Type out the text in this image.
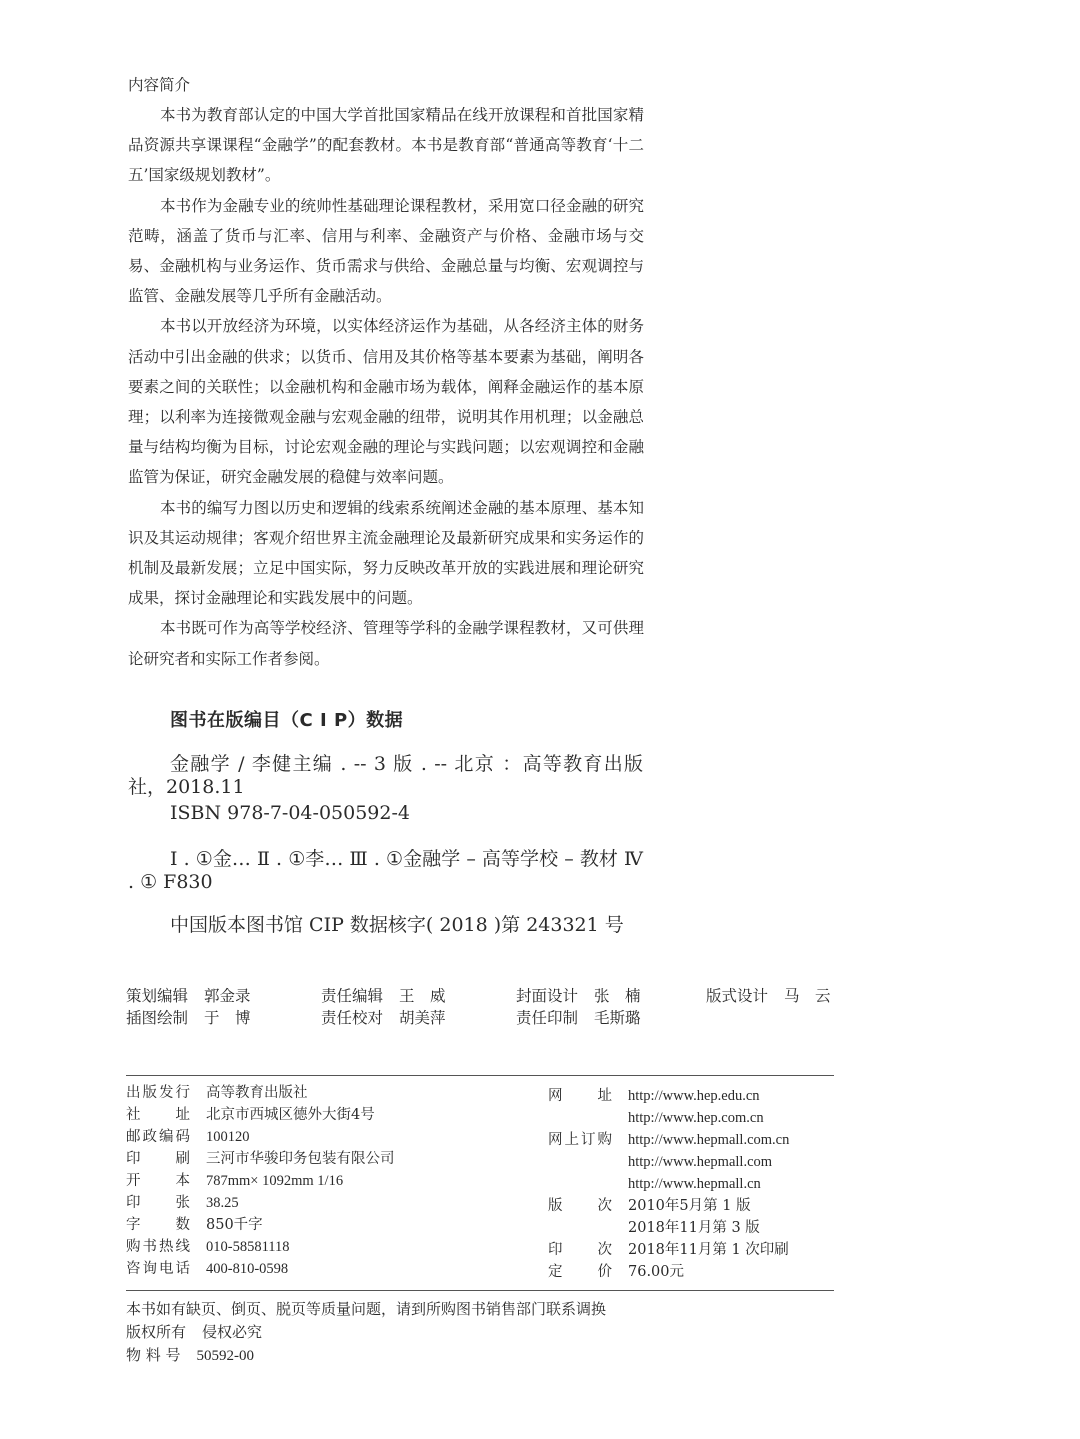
内容简介

本书为教育部认定的中国大学首批国家精品在线开放课程和首批国家精品资源共享课课程“金融学”的配套教材。本书是教育部“普通高等教育‘十二五’国家级规划教材”。

本书作为金融专业的统帅性基础理论课程教材，采用宽口径金融的研究范畴，涵盖了货币与汇率、信用与利率、金融资产与价格、金融市场与交易、金融机构与业务运作、货币需求与供给、金融总量与均衡、宏观调控与监管、金融发展等几乎所有金融活动。

本书以开放经济为环境，以实体经济运作为基础，从各经济主体的财务活动中引出金融的供求；以货币、信用及其价格等基本要素为基础，阐明各要素之间的关联性；以金融机构和金融市场为载体，阐释金融运作的基本原理；以利率为连接微观金融与宏观金融的纽带，说明其作用机理；以金融总量与结构均衡为目标，讨论宏观金融的理论与实践问题；以宏观调控和金融监管为保证，研究金融发展的稳健与效率问题。

本书的编写力图以历史和逻辑的线索系统阐述金融的基本原理、基本知识及其运动规律；客观介绍世界主流金融理论及最新研究成果和实务运作的机制及最新发展；立足中国实际，努力反映改革开放的实践进展和理论研究成果，探讨金融理论和实践发展中的问题。

本书既可作为高等学校经济、管理等学科的金融学课程教材，又可供理论研究者和实际工作者参阅。

图书在版编目（C I P）数据

金融学 / 李健主编 . -- 3 版 . -- 北京 ：高等教育出版社，2018.11

ISBN 978-7-04-050592-4

Ⅰ . ①金… Ⅱ . ①李… Ⅲ . ①金融学 – 高等学校 – 教材 Ⅳ . ① F830

中国版本图书馆 CIP 数据核字( 2018 )第 243321 号

策划编辑 郭金录	责任编辑 王　威	封面设计 张　楠	版式设计 马　云
插图绘制 于　博	责任校对 胡美萍	责任印制 毛斯璐
出版发行 高等教育出版社
社址 北京市西城区德外大街4号
邮政编码 100120
印刷 三河市华骏印务包装有限公司
开本 787mm× 1092mm 1/16
印张 38.25
字数 850千字
购书热线 010-58581118
咨询电话 400-810-0598
网址 http://www.hep.edu.cn
http://www.hep.com.cn
网上订购 http://www.hepmall.com.cn
http://www.hepmall.com
http://www.hepmall.cn
版次 2010年5月第 1 版
2018年11月第 3 版
印次 2018年11月第 1 次印刷
定价 76.00元
本书如有缺页、倒页、脱页等质量问题，请到所购图书销售部门联系调换
版权所有 侵权必究
物 料 号 50592-00
